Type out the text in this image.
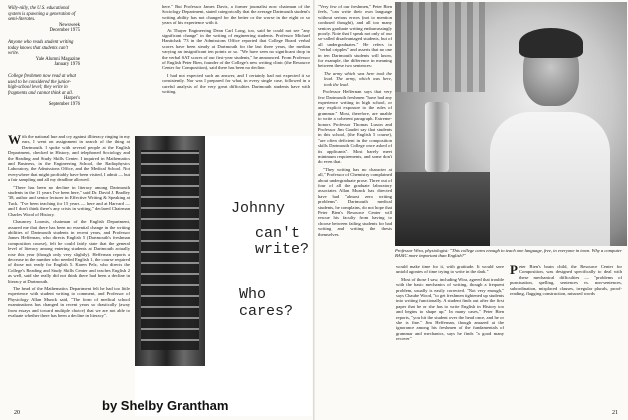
Willy-nilly, the U.S. educational system is spawning a generation of semi-literates.
Newsweek
December 1975
Anyone who reads student writing today knows that students can't write.
Yale Alumni Magazine
January 1976
College freshmen now read at what used to be considered the junior-high-school level; they write in fragments and cannot think at all.
Harper's
September 1976

With the national hue and cry against illiteracy ringing in my ears, I went on assignment in search of the thing at Dartmouth. I spoke with several people at the English Department, checked in History, and telephoned Sociology and the Reading and Study Skills Center. I inquired in Mathematics and Business, in the Engineering School, the Radiophysics Laboratory, the Admissions Office, and the Medical School. Not everywhere that might profitably have been visited, I admit — but a fair sampling and all my deadline allowed.

"There has been no decline in literacy among Dartmouth students in the 11 years I've been here," said Dr. David J. Bradley '38, author and senior lecturer in Effective Writing & Speaking at Tuck. "I've been teaching for 15 years — here and at Harvard — and I don't think there's any crisis in writing," declared Chairman Charles Wood of History.

Chauncey Loomis, chairman of the English Department, assured me that there has been no essential change in the writing abilities of Dartmouth students in recent years, and Professor James Heffernan, who directs English 5 (Dartmouth's freshman composition course), felt he could fairly state that the general level of literacy among entering students at Dartmouth actually rose this year (though only very slightly). Heffernan reports a decrease in the number who needed English 1, the course required of those not ready for English 5. Karen Pelz, who directs the College's Reading and Study Skills Center and teaches English 2 as well, said she really did not think there had been a decline in literacy at Dartmouth.

The head of the Mathematics Department felt he had too little experience with student writing to comment, and Professor of Physiology Allan Munck said, "The form of medical school examinations has changed in recent years so drastically (away from essays and toward multiple choice) that we are not able to evaluate whether there has been a decline in literacy".

Johnny
can't
write?
Who cares?
by Shelby Grantham

here." But Professor James Davis, a former journalist now chairman of the Sociology Department, stated categorically that the average Dartmouth student's writing ability has not changed for the better or the worse in the eight or so years of his experience with it.

At Thayer Engineering Dean Carl Long, too, said he could not see "any significant change" in the writing of engineering students. Professor Michael Hanitchak '73 in the Admissions Office reported that College Board verbal scores have been steady at Dartmouth for the last three years, the median varying an insignificant ten points or so. "We have seen no significant drop in the verbal SAT scores of our first-year students," he announced. From Professor of English Peter Bien, founder of the College's new writing clinic (the Resource Center for Composition), said there has been no decline.

I had not expected such an answer, and I certainly had not expected it so consistently. Nor was I prepared for what, in every single case, followed in a careful analysis of the very great difficulties Dartmouth students have with writing.

20

"Very few of our freshmen," Peter Bien feels, "can write their own language without serious errors (not to mention confused thought), and all too many seniors graduate writing embarrassingly poorly. Note that I speak not only of our so-called disadvantaged students, but of all undergraduates." He refers to "verbal cripples" and asserts that no one in ten Dartmouth students will know, for example, the difference in meaning between these two sentences:

The army which was here took the lead. The army, which was here, took the lead.

Professor Heffernan says that very few Dartmouth freshmen "have had any experience writing in high school, or any explicit exposure to the rules of grammar." Most, therefore, are unable to write a coherent paragraph. Extreme-honors Professor Thomas Luxon and Professor Jim Gaudet say that students in this school, (the English 5 course), "are often deficient in the composition skills Dartmouth College once asked of its applicants". Most barely meet minimum requirements, and some don't do even that.

"They writing has no character at all," Professor of Chemistry complained about undergraduate prose. Three out of four of all the graduate laboratory associates Allan Munck has directed have had "almost zero writing problems". Dartmouth medical students, he complains, do not hope that Peter Bien's Resource Center will rescue his faculty from having to choose between failing students for bad writing and writing the thesis themselves.

Professor Wira, physiologist: "This college cares enough to teach one language, free, to everyone in town. Why a computer BASIC more important than English?"

would make time for it, with gratitude. It would save untold agonies of time trying to write in the dark."

Most of those I saw, including Wira, agreed that trouble with the basic mechanics of writing, though a frequent problem, usually is easily corrected. "Not very enough," says Chaube Wood, "to get freshmen tightened up students into writing functionally. A student finds out after the first paper that he or she has to write English in History too and begins to shape up." In many cases," Peter Bien reports, "you hit the student over the head once, and he or she is fine." Jim Heffernan, though amazed at the ignorance among his freshmen of the fundamentals of grammar and mechanics, says he finds "a good many recover"

Peter Bien's brain child, the Resource Center for Composition, was designed specifically to deal with these mechanical difficulties — "problems of punctuation, spelling, sentences vs. non-sentences, subordination, misplaced clauses, irregular plurals, proof-reading, flagging construction, misused words

21
